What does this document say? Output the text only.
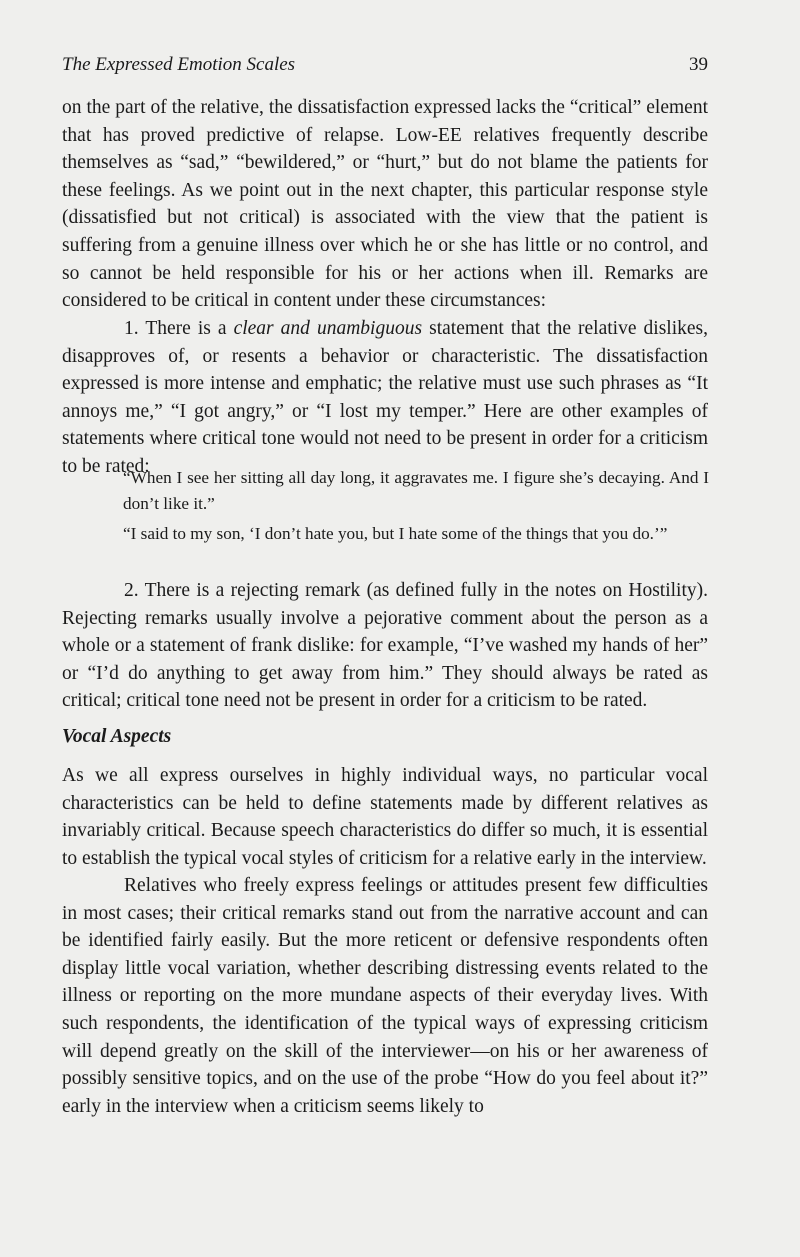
The Expressed Emotion Scales	39

on the part of the relative, the dissatisfaction expressed lacks the “critical” element that has proved predictive of relapse. Low-EE relatives frequently describe themselves as “sad,” “bewildered,” or “hurt,” but do not blame the patients for these feelings. As we point out in the next chapter, this particular response style (dissatisfied but not critical) is associated with the view that the patient is suffering from a genuine illness over which he or she has little or no control, and so cannot be held responsible for his or her actions when ill. Remarks are considered to be critical in content under these circumstances:

1. There is a clear and unambiguous statement that the relative dislikes, disapproves of, or resents a behavior or characteristic. The dissatisfaction expressed is more intense and emphatic; the relative must use such phrases as “It annoys me,” “I got angry,” or “I lost my temper.” Here are other examples of statements where critical tone would not need to be present in order for a criticism to be rated:

“When I see her sitting all day long, it aggravates me. I figure she’s decaying. And I don’t like it.”

“I said to my son, ‘I don’t hate you, but I hate some of the things that you do.’”

2. There is a rejecting remark (as defined fully in the notes on Hostility). Rejecting remarks usually involve a pejorative comment about the person as a whole or a statement of frank dislike: for example, “I’ve washed my hands of her” or “I’d do anything to get away from him.” They should always be rated as critical; critical tone need not be present in order for a criticism to be rated.

Vocal Aspects

As we all express ourselves in highly individual ways, no particular vocal characteristics can be held to define statements made by different relatives as invariably critical. Because speech characteristics do differ so much, it is essential to establish the typical vocal styles of criticism for a relative early in the interview.

Relatives who freely express feelings or attitudes present few difficulties in most cases; their critical remarks stand out from the narrative account and can be identified fairly easily. But the more reticent or defensive respondents often display little vocal variation, whether describing distressing events related to the illness or reporting on the more mundane aspects of their everyday lives. With such respondents, the identification of the typical ways of expressing criticism will depend greatly on the skill of the interviewer—on his or her awareness of possibly sensitive topics, and on the use of the probe “How do you feel about it?” early in the interview when a criticism seems likely to
